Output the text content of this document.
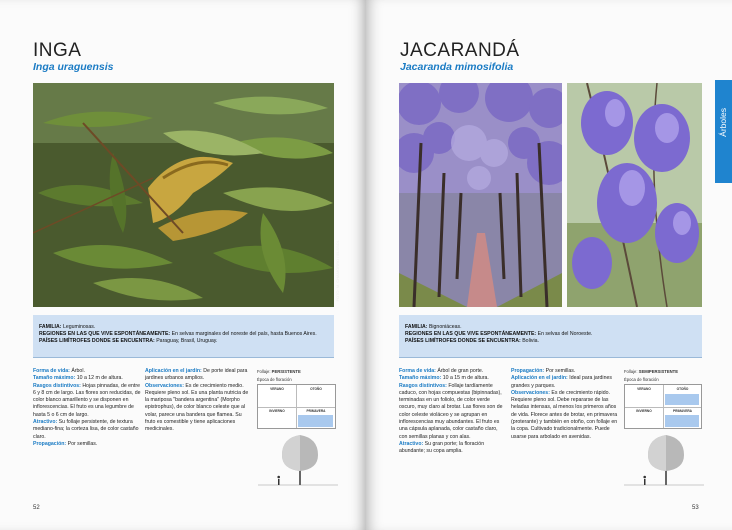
INGA
Inga uraguensis
FOTO: M. CHAMORRO / ELSSOL
FAMILIA: Leguminosas.
REGIONES EN LAS QUE VIVE ESPONTÁNEAMENTE: En selvas marginales del noreste del país, hasta Buenos Aires.
PAÍSES LIMÍTROFES DONDE SE ENCUENTRA: Paraguay, Brasil, Uruguay.
Forma de vida: Árbol.
Tamaño máximo: 10 a 12 m de altura.
Rasgos distintivos: Hojas pinnadas, de entre 6 y 8 cm de largo. Las flores son reducidas, de color blanco amarillento y se disponen en inflorescencias. El fruto es una legumbre de hasta 5 o 6 cm de largo.
Atractivo: Su follaje persistente, de textura mediano-fina; la corteza lisa, de color castaño claro.
Propagación: Por semillas.
Aplicación en el jardín: De porte ideal para jardines urbanos amplios.
Observaciones: Es de crecimiento medio. Requiere pleno sol. Es una planta nutricia de la mariposa "bandera argentina" (Morpho epistrophus), de color blanco celeste que al volar, parece una bandera que flamea. Su fruto es comestible y tiene aplicaciones medicinales.
Follaje: PERSISTENTE
Época de floración
VERANO	OTOÑO
INVIERNO	PRIMAVERA
52
JACARANDÁ
Jacaranda mimosifolia
FAMILIA: Bignoniáceas.
REGIONES EN LAS QUE VIVE ESPONTÁNEAMENTE: En selvas del Noroeste.
PAÍSES LIMÍTROFES DONDE SE ENCUENTRA: Bolivia.
Forma de vida: Árbol de gran porte.
Tamaño máximo: 10 a 15 m de altura.
Rasgos distintivos: Follaje tardíamente caduco, con hojas compuestas (bipinnadas), terminadas en un foliolo, de color verde oscuro, muy claro al brotar. Las flores son de color celeste violáceo y se agrupan en inflorescencias muy abundantes. El fruto es una cápsula aplanada, color castaño claro, con semillas planas y con alas.
Atractivo: Su gran porte; la floración abundante; su copa amplia.
Propagación: Por semillas.
Aplicación en el jardín: Ideal para jardines grandes y parques.
Observaciones: Es de crecimiento rápido. Requiere pleno sol. Debe repararse de las heladas intensas, al menos los primeros años de vida. Florece antes de brotar, en primavera (proterante) y también en otoño, con follaje en la copa. Cultivado tradicionalmente. Puede usarse para arbolado en avenidas.
Follaje: SEMIPERSISTENTE
Época de floración
VERANO	OTOÑO
INVIERNO	PRIMAVERA
53
Árboles
